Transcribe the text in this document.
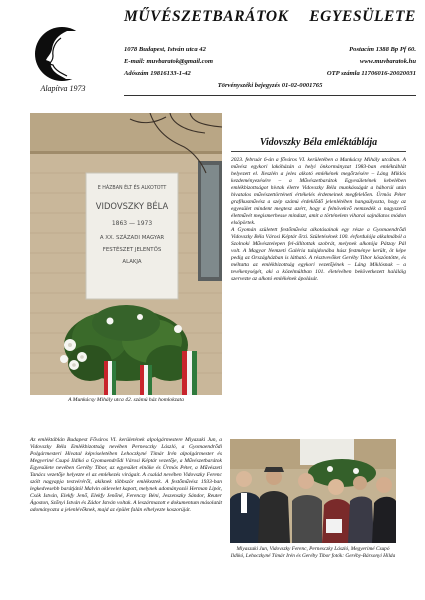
Alapítva 1973
MŰVÉSZETBARÁTOK EGYESÜLETE
1078 Budapest, István utca 42	Postacím 1388 Bp Pf 60.
E-mail: muvbaratok@gmail.com	www.muvbaratok.hu
Adószám 19816133-1-42	OTP számla 11706016-20020031
Törvényszéki bejegyzés 01-02-0001765
E HÁZBAN ÉLT ÉS ALKOTOTT
VIDOVSZKY BÉLA
1863 — 1973
A XX. SZÁZADI MAGYAR
FESTÉSZET JELENTŐS
ALAKJA
A Munkácsy Mihály utca 42. számú ház homlokzata
Vidovszky Béla emléktáblája

2023. február 6-án a főváros VI. kerületében a Munkácsy Mihály utcában. A művész egykori lakóházán a helyi önkormányzat 1983-ban emléktáblát helyezett el. Ileszlén a jeles alkotó emlékének megőrzésére – Láng Miklós kezdeményezésére – a Művészetbarátok Egyesületének kebelében emlékbizottságot hívtak életre Vidovszky Béla munkásságát a háborúi után hivatalos művészettörténeti értékelés érdemeinek megfelelően. Ürmös Péter grafikusművész a szép számú érdeklődő jelenlétében hangsúlyozta, hogy az egyesület mindent megtesz azért, hogy a felnövekvő nemzedék a nagyszerű életművét megismerhesse mindazt, amit a történelem viharai sajnálatos módon elsöpörtek.

A Gyomán született festőművész alkotásainak egy része a Gyomaendrődi Vidovszky Béla Városi Képtár őrzi. Születésének 100. évfordulója alkalmából a Szolnoki Művésztelepen fel-állítottak szobrát, melynek alkotója Pátzay Pál volt. A Magyar Nemzeti Galéria tulajdonába húsz festménye került, öt képe pedig az Országházban is látható. A résztvevőket Geréby Tibor köszöntötte, és méltatta az emlékbizottság egykori vezetőjének – Láng Miklósnak – a tevékenységét, aki a közelmúltban 101. életévében bekövetkezett haláláig szervezte az alkotó emlékének ápolását.

Az emléktáblán Budapest Főváros VI. kerületének alpolgármestere Miyazaki Jun, a Vidovszky Béla Emlékbizottság nevében Pernesczky László, a Gyomaendrődi Polgármesteri Hivatal képviseletében Lehoczkyné Tímár Irén alpolgármester és Megyeriné Csupó Ildikó a Gyomaendrődi Városi Képtár vezetője, a Művészetbarátok Egyesülete nevében Geréby Tibor, az egyesület elnöke és Ürmös Péter, a Művészeti Tanács vezetője helyezte el az emlékezés virágait. A család nevében Vidovszky Ferenc szólt nagyapja testvéréről, akiknek többször emlékeztek. A festőművész 1933-ban legkedvesebb barátjától Malvin oklevelet kapott, melynek adományozói Herman Lipót, Csók István, Elekfy Jenő, Elekfy Jenőné, Ferenczy Béni, Jeszenszky Sándor, Reuter Ágoston, Szőnyi István és Zádor István voltak. A leszármazott e dokumentum másolatát adományozta a jelenlévőknek, majd az épület falán elhelyezte koszorúját.

Miyaszaki Jun, Vidovszky Ferenc, Pernesczky László, Megyerimé Csupó Ildikó, Lehoczkyné Tímár Irén és Geréby Tibor fotók: Geréby-Bársonyi Hilda
